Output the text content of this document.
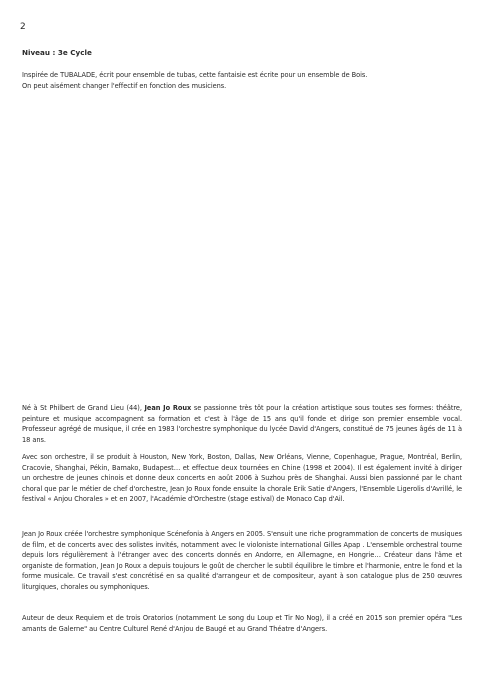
2
Niveau : 3e Cycle

Inspirée de TUBALADE, écrit pour ensemble de tubas, cette fantaisie est écrite pour un ensemble de Bois.

On peut aisément changer l'effectif en fonction des musiciens.

Né à St Philbert de Grand Lieu (44), Jean Jo Roux se passionne très tôt pour la création artistique sous toutes ses formes: théâtre, peinture et musique accompagnent sa formation et c'est à l'âge de 15 ans qu'il fonde et dirige son premier ensemble vocal. Professeur agrégé de musique, il crée en 1983 l'orchestre symphonique du lycée David d'Angers, constitué de 75 jeunes âgés de 11 à 18 ans.

Avec son orchestre, il se produit à Houston, New York, Boston, Dallas, New Orléans, Vienne, Copenhague, Prague, Montréal, Berlin, Cracovie, Shanghai, Pékin, Bamako, Budapest… et effectue deux tournées en Chine (1998 et 2004). Il est également invité à diriger un orchestre de jeunes chinois et donne deux concerts en août 2006 à Suzhou près de Shanghai. Aussi bien passionné par le chant choral que par le métier de chef d'orchestre, Jean Jo Roux fonde ensuite la chorale Erik Satie d'Angers, l'Ensemble Ligerolis d'Avrillé, le festival « Anjou Chorales » et en 2007, l'Académie d'Orchestre (stage estival) de Monaco Cap d'Ail.

Jean Jo Roux créée l'orchestre symphonique Scénefonia à Angers en 2005. S'ensuit une riche programmation de concerts de musiques de film, et de concerts avec des solistes invités, notamment avec le violoniste international Gilles Apap . L'ensemble orchestral tourne depuis lors régulièrement à l'étranger avec des concerts donnés en Andorre, en Allemagne, en Hongrie… Créateur dans l'âme et organiste de formation, Jean Jo Roux a depuis toujours le goût de chercher le subtil équilibre le timbre et l'harmonie, entre le fond et la forme musicale. Ce travail s'est concrétisé en sa qualité d'arrangeur et de compositeur, ayant à son catalogue plus de 250 œuvres liturgiques, chorales ou symphoniques.

Auteur de deux Requiem et de trois Oratorios (notamment Le song du Loup et Tir No Nog), il a créé en 2015 son premier opéra "Les amants de Galerne" au Centre Culturel René d'Anjou de Baugé et au Grand Théatre d'Angers.
